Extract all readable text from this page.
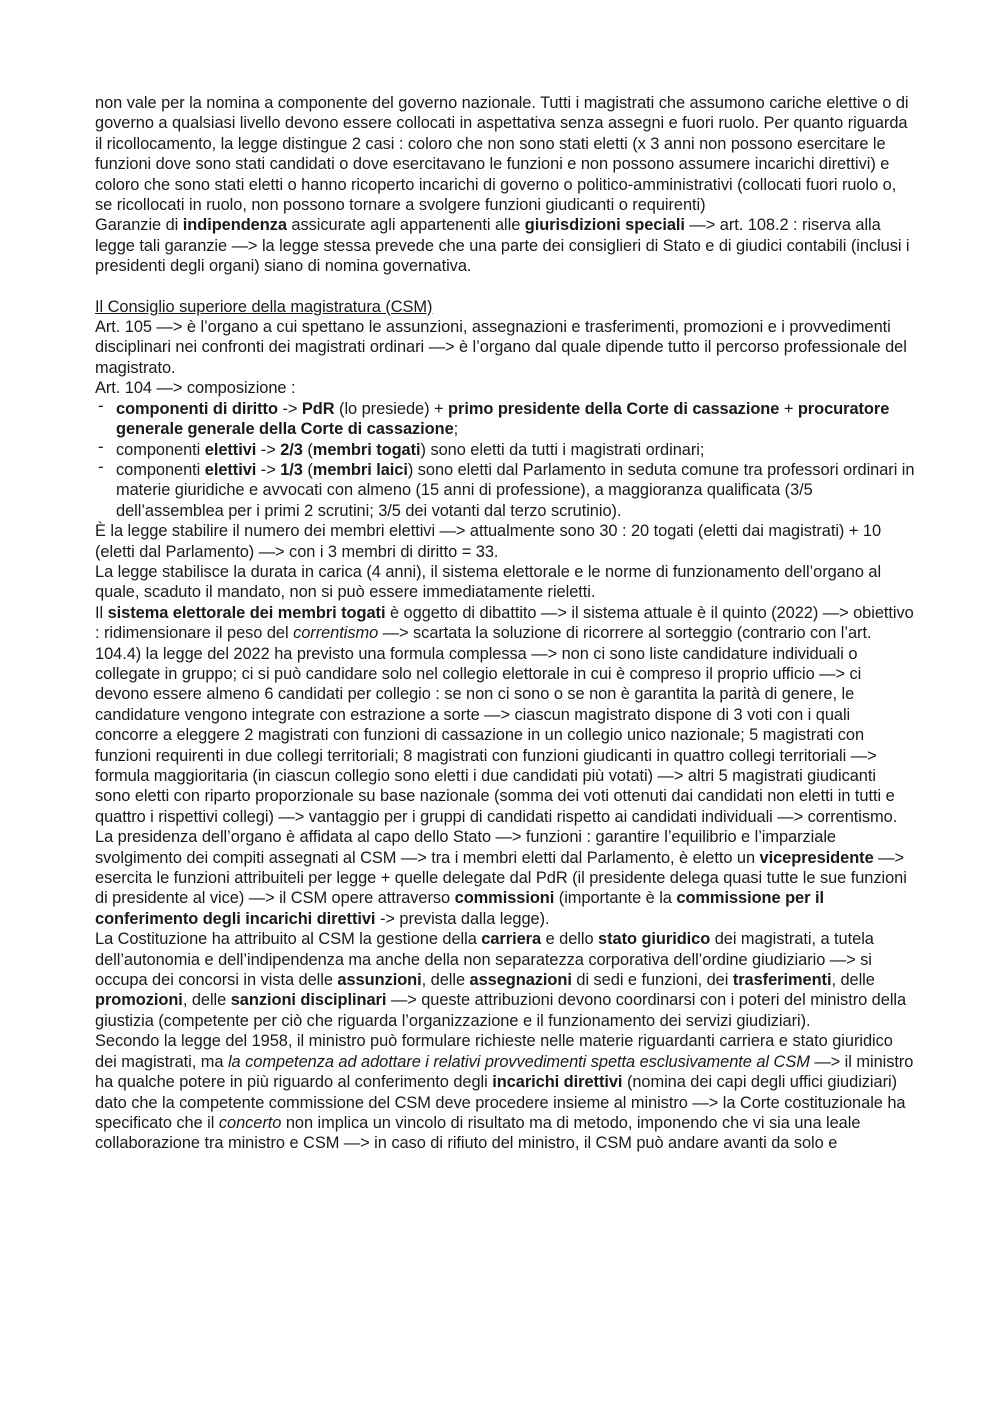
non vale per la nomina a componente del governo nazionale. Tutti i magistrati che assumono cariche elettive o di governo a qualsiasi livello devono essere collocati in aspettativa senza assegni e fuori ruolo. Per quanto riguarda il ricollocamento, la legge distingue 2 casi : coloro che non sono stati eletti (x 3 anni non possono esercitare le funzioni dove sono stati candidati o dove esercitavano le funzioni e non possono assumere incarichi direttivi) e coloro che sono stati eletti o hanno ricoperto incarichi di governo o politico-amministrativi (collocati fuori ruolo o, se ricollocati in ruolo, non possono tornare a svolgere funzioni giudicanti o requirenti)

Garanzie di indipendenza assicurate agli appartenenti alle giurisdizioni speciali —> art. 108.2 : riserva alla legge tali garanzie —> la legge stessa prevede che una parte dei consiglieri di Stato e di giudici contabili (inclusi i presidenti degli organi) siano di nomina governativa.

Il Consiglio superiore della magistratura (CSM)

Art. 105 —> è l’organo a cui spettano le assunzioni, assegnazioni e trasferimenti, promozioni e i provvedimenti disciplinari nei confronti dei magistrati ordinari —> è l’organo dal quale dipende tutto il percorso professionale del magistrato.

Art. 104 —> composizione :

- componenti di diritto -> PdR (lo presiede) + primo presidente della Corte di cassazione + procuratore generale generale della Corte di cassazione;
- componenti elettivi -> 2/3 (membri togati) sono eletti da tutti i magistrati ordinari;
- componenti elettivi -> 1/3 (membri laici) sono eletti dal Parlamento in seduta comune tra professori ordinari in materie giuridiche e avvocati con almeno (15 anni di professione), a maggioranza qualificata (3/5 dell’assemblea per i primi 2 scrutini; 3/5 dei votanti dal terzo scrutinio).

È la legge stabilire il numero dei membri elettivi —> attualmente sono 30 : 20 togati (eletti dai magistrati) + 10 (eletti dal Parlamento) —> con i 3 membri di diritto = 33.

La legge stabilisce la durata in carica (4 anni), il sistema elettorale e le norme di funzionamento dell’organo al quale, scaduto il mandato, non si può essere immediatamente rieletti.

Il sistema elettorale dei membri togati è oggetto di dibattito —> il sistema attuale è il quinto (2022) —> obiettivo : ridimensionare il peso del correntismo —> scartata la soluzione di ricorrere al sorteggio (contrario con l’art. 104.4) la legge del 2022 ha previsto una formula complessa —> non ci sono liste candidature individuali o collegate in gruppo; ci si può candidare solo nel collegio elettorale in cui è compreso il proprio ufficio —> ci devono essere almeno 6 candidati per collegio : se non ci sono o se non è garantita la parità di genere, le candidature vengono integrate con estrazione a sorte —> ciascun magistrato dispone di 3 voti con i quali concorre a eleggere 2 magistrati con funzioni di cassazione in un collegio unico nazionale; 5 magistrati con funzioni requirenti in due collegi territoriali; 8 magistrati con funzioni giudicanti in quattro collegi territoriali —> formula maggioritaria (in ciascun collegio sono eletti i due candidati più votati) —> altri 5 magistrati giudicanti sono eletti con riparto proporzionale su base nazionale (somma dei voti ottenuti dai candidati non eletti in tutti e quattro i rispettivi collegi) —> vantaggio per i gruppi di candidati rispetto ai candidati individuali —> correntismo.

La presidenza dell’organo è affidata al capo dello Stato —> funzioni : garantire l’equilibrio e l’imparziale svolgimento dei compiti assegnati al CSM —> tra i membri eletti dal Parlamento, è eletto un vicepresidente —> esercita le funzioni attribuiteli per legge + quelle delegate dal PdR (il presidente delega quasi tutte le sue funzioni di presidente al vice) —> il CSM opere attraverso commissioni (importante è la commissione per il conferimento degli incarichi direttivi -> prevista dalla legge).

La Costituzione ha attribuito al CSM la gestione della carriera e dello stato giuridico dei magistrati, a tutela dell’autonomia e dell’indipendenza ma anche della non separatezza corporativa dell’ordine giudiziario —> si occupa dei concorsi in vista delle assunzioni, delle assegnazioni di sedi e funzioni, dei trasferimenti, delle promozioni, delle sanzioni disciplinari —> queste attribuzioni devono coordinarsi con i poteri del ministro della giustizia (competente per ciò che riguarda l’organizzazione e il funzionamento dei servizi giudiziari).

Secondo la legge del 1958, il ministro può formulare richieste nelle materie riguardanti carriera e stato giuridico dei magistrati, ma la competenza ad adottare i relativi provvedimenti spetta esclusivamente al CSM —> il ministro ha qualche potere in più riguardo al conferimento degli incarichi direttivi (nomina dei capi degli uffici giudiziari) dato che la competente commissione del CSM deve procedere insieme al ministro —> la Corte costituzionale ha specificato che il concerto non implica un vincolo di risultato ma di metodo, imponendo che vi sia una leale collaborazione tra ministro e CSM —> in caso di rifiuto del ministro, il CSM può andare avanti da solo e
